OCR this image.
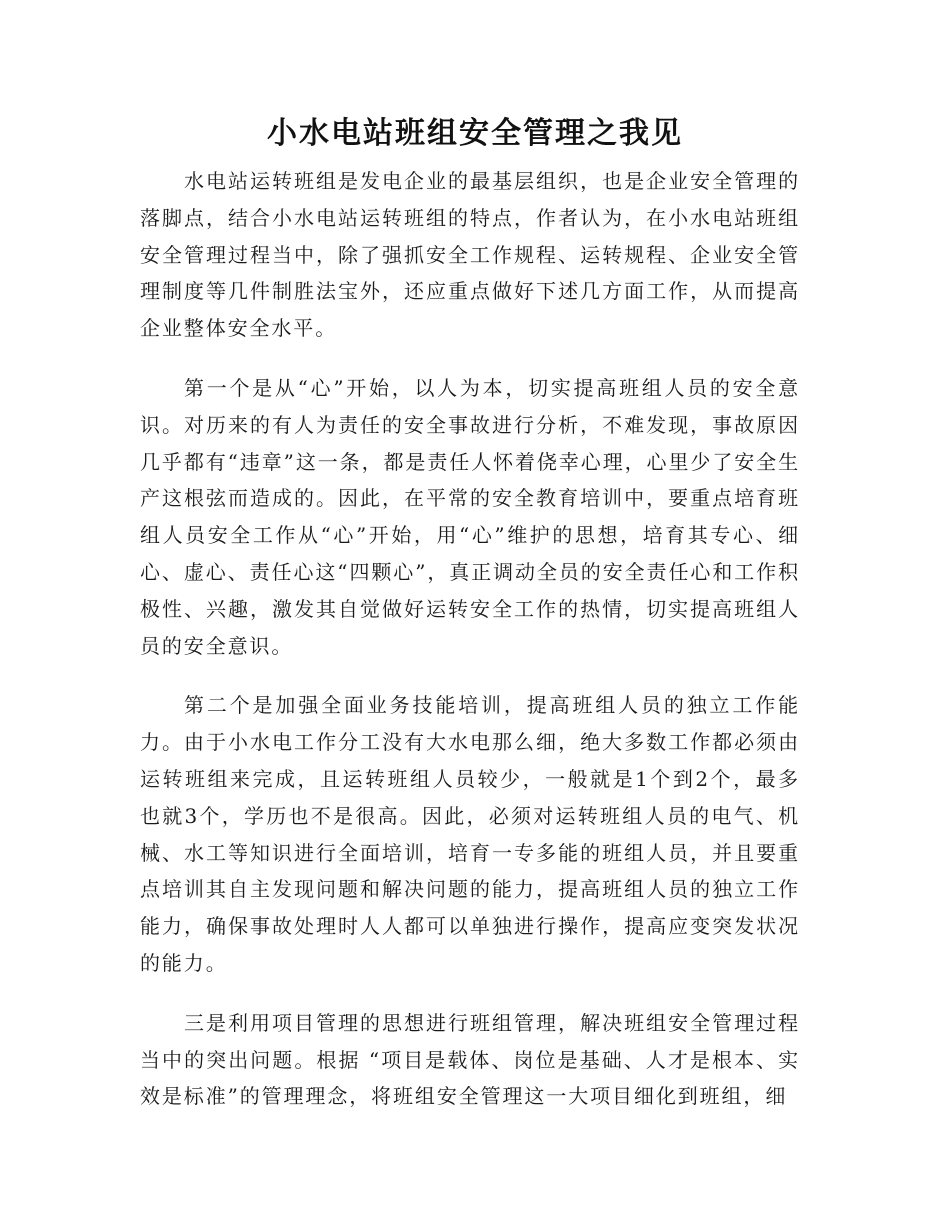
小水电站班组安全管理之我见

水电站运转班组是发电企业的最基层组织，也是企业安全管理的落脚点，结合小水电站运转班组的特点，作者认为，在小水电站班组安全管理过程当中，除了强抓安全工作规程、运转规程、企业安全管理制度等几件制胜法宝外，还应重点做好下述几方面工作，从而提高企业整体安全水平。

第一个是从“心”开始，以人为本，切实提高班组人员的安全意识。对历来的有人为责任的安全事故进行分析，不难发现，事故原因几乎都有“违章”这一条，都是责任人怀着侥幸心理，心里少了安全生产这根弦而造成的。因此，在平常的安全教育培训中，要重点培育班组人员安全工作从“心”开始，用“心”维护的思想，培育其专心、细心、虚心、责任心这“四颗心”，真正调动全员的安全责任心和工作积极性、兴趣，激发其自觉做好运转安全工作的热情，切实提高班组人员的安全意识。

第二个是加强全面业务技能培训，提高班组人员的独立工作能力。由于小水电工作分工没有大水电那么细，绝大多数工作都必须由运转班组来完成，且运转班组人员较少，一般就是1个到2个，最多也就3个，学历也不是很高。因此，必须对运转班组人员的电气、机械、水工等知识进行全面培训，培育一专多能的班组人员，并且要重点培训其自主发现问题和解决问题的能力，提高班组人员的独立工作能力，确保事故处理时人人都可以单独进行操作，提高应变突发状况的能力。

三是利用项目管理的思想进行班组管理，解决班组安全管理过程当中的突出问题。根据 “项目是载体、岗位是基础、人才是根本、实效是标准”的管理理念，将班组安全管理这一大项目细化到班组，细
